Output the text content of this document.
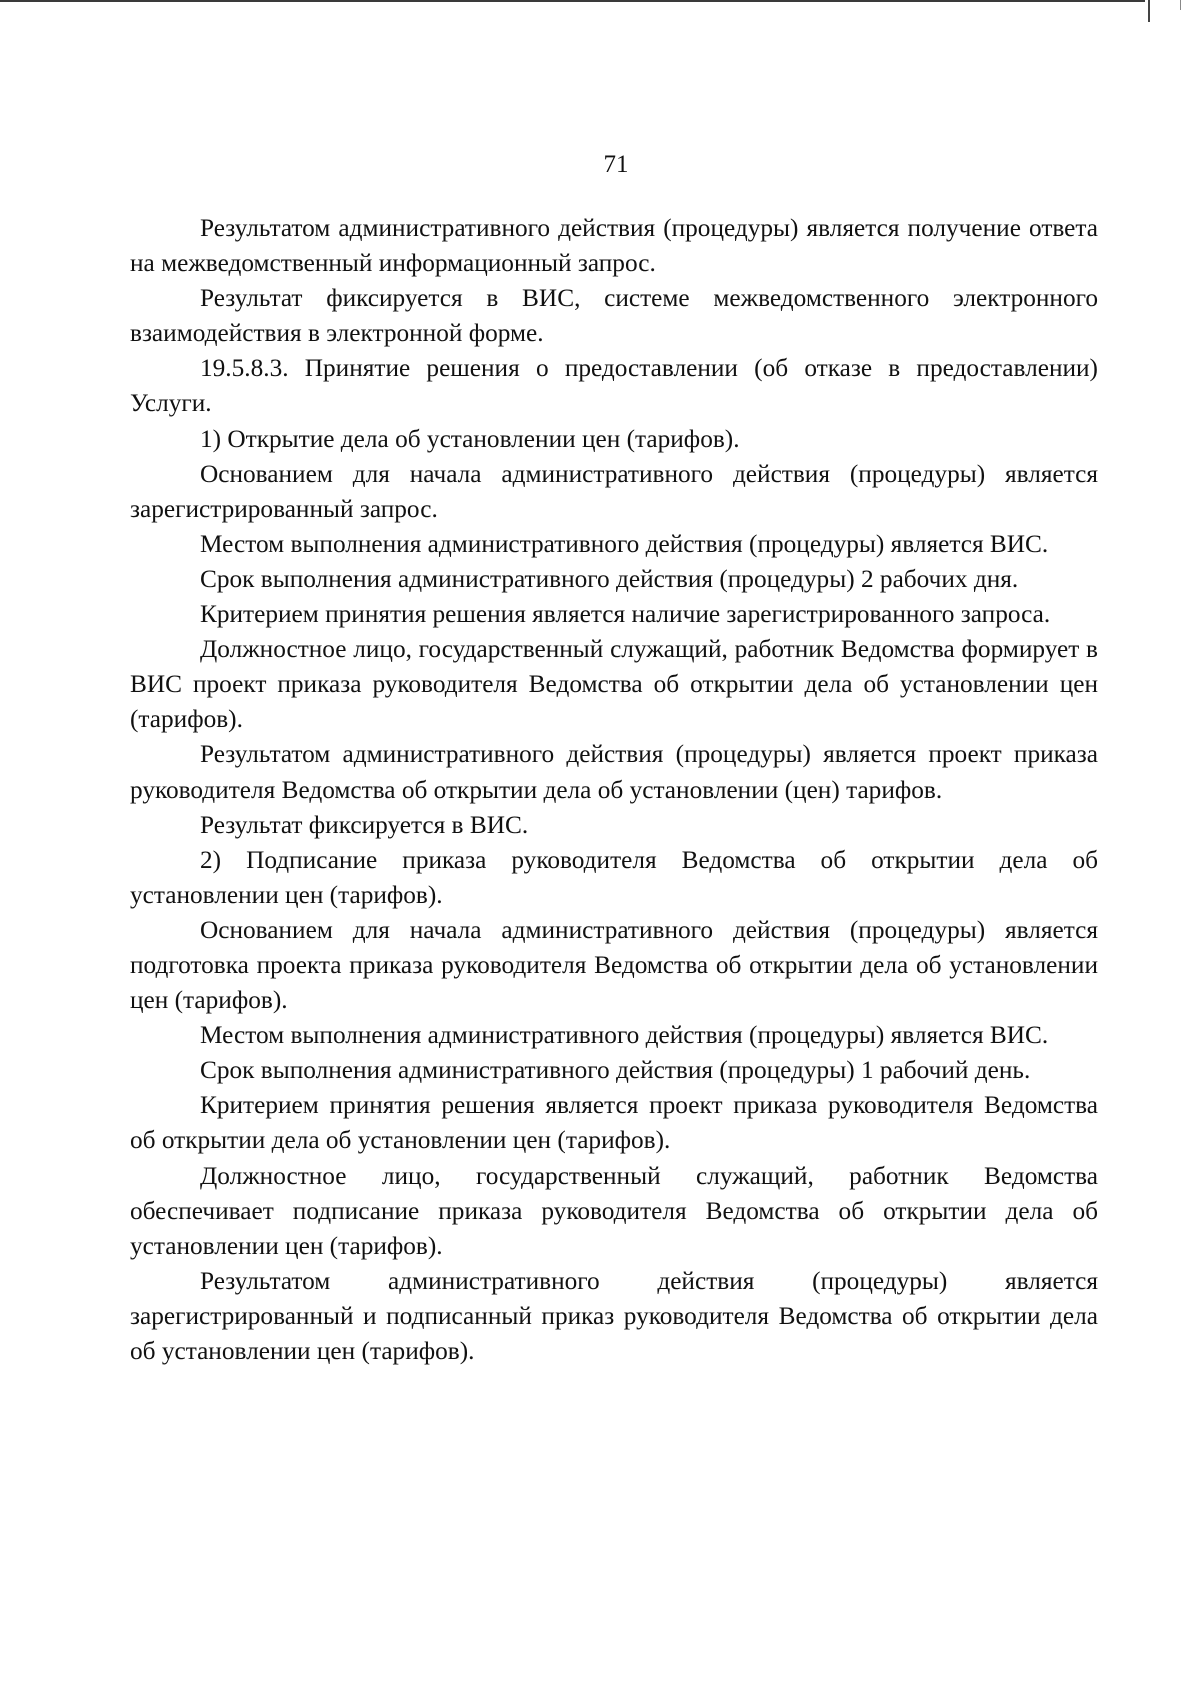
71

Результатом административного действия (процедуры) является получение ответа на межведомственный информационный запрос.

Результат фиксируется в ВИС, системе межведомственного электронного взаимодействия в электронной форме.

19.5.8.3. Принятие решения о предоставлении (об отказе в предоставлении) Услуги.

1) Открытие дела об установлении цен (тарифов).

Основанием для начала административного действия (процедуры) является зарегистрированный запрос.

Местом выполнения административного действия (процедуры) является ВИС.

Срок выполнения административного действия (процедуры) 2 рабочих дня.

Критерием принятия решения является наличие зарегистрированного запроса.

Должностное лицо, государственный служащий, работник Ведомства формирует в ВИС проект приказа руководителя Ведомства об открытии дела об установлении цен (тарифов).

Результатом административного действия (процедуры) является проект приказа руководителя Ведомства об открытии дела об установлении (цен) тарифов.

Результат фиксируется в ВИС.

2) Подписание приказа руководителя Ведомства об открытии дела об установлении цен (тарифов).

Основанием для начала административного действия (процедуры) является подготовка проекта приказа руководителя Ведомства об открытии дела об установлении цен (тарифов).

Местом выполнения административного действия (процедуры) является ВИС.

Срок выполнения административного действия (процедуры) 1 рабочий день.

Критерием принятия решения является проект приказа руководителя Ведомства об открытии дела об установлении цен (тарифов).

Должностное лицо, государственный служащий, работник Ведомства обеспечивает подписание приказа руководителя Ведомства об открытии дела об установлении цен (тарифов).

Результатом административного действия (процедуры) является зарегистрированный и подписанный приказ руководителя Ведомства об открытии дела об установлении цен (тарифов).
